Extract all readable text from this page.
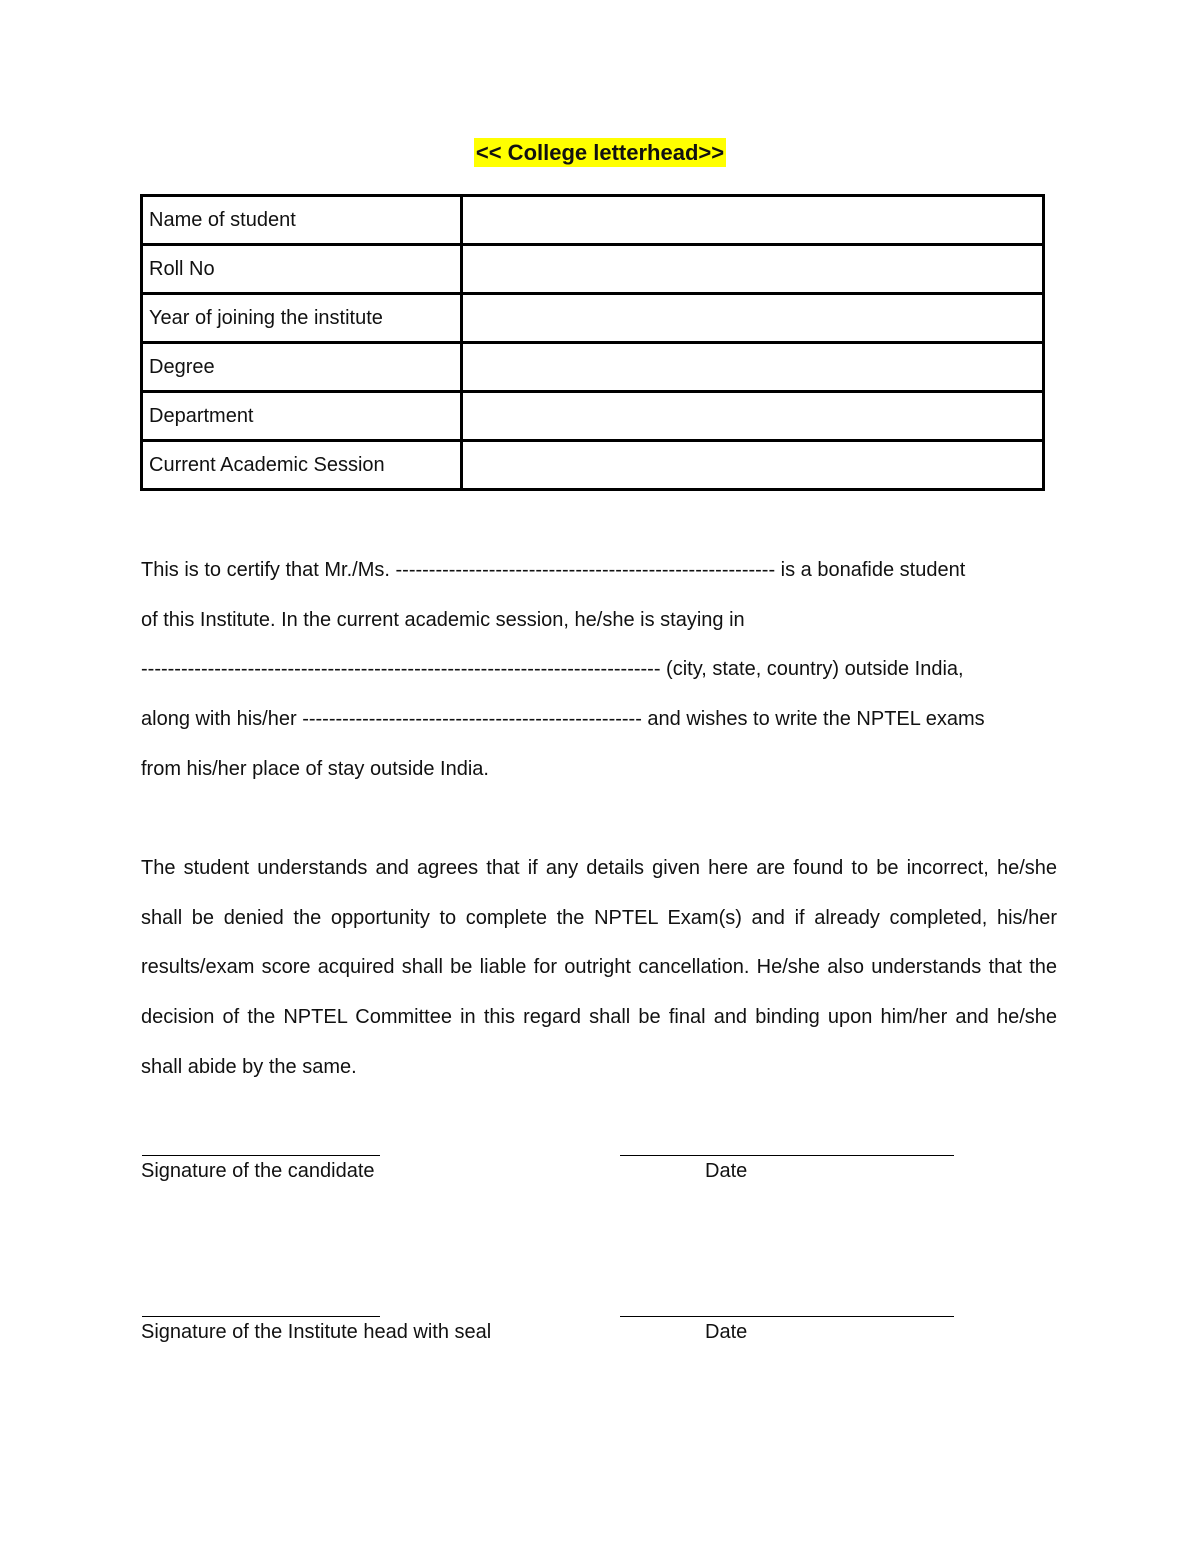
<< College letterhead>>
Name of student	
Roll No	
Year of joining the institute	
Degree	
Department	
Current Academic Session	
This is to certify that Mr./Ms. --------------------------------------------------------- is a bonafide student
of this Institute. In the current academic session, he/she is staying in
------------------------------------------------------------------------------ (city, state, country) outside India,
along with his/her --------------------------------------------------- and wishes to write the NPTEL exams
from his/her place of stay outside India.

The student understands and agrees that if any details given here are found to be incorrect, he/she shall be denied the opportunity to complete the NPTEL Exam(s) and if already completed, his/her results/exam score acquired shall be liable for outright cancellation. He/she also understands that the decision of the NPTEL Committee in this regard shall be final and binding upon him/her and he/she shall abide by the same.

Signature of the candidate	Date
Signature of the Institute head with seal	Date
